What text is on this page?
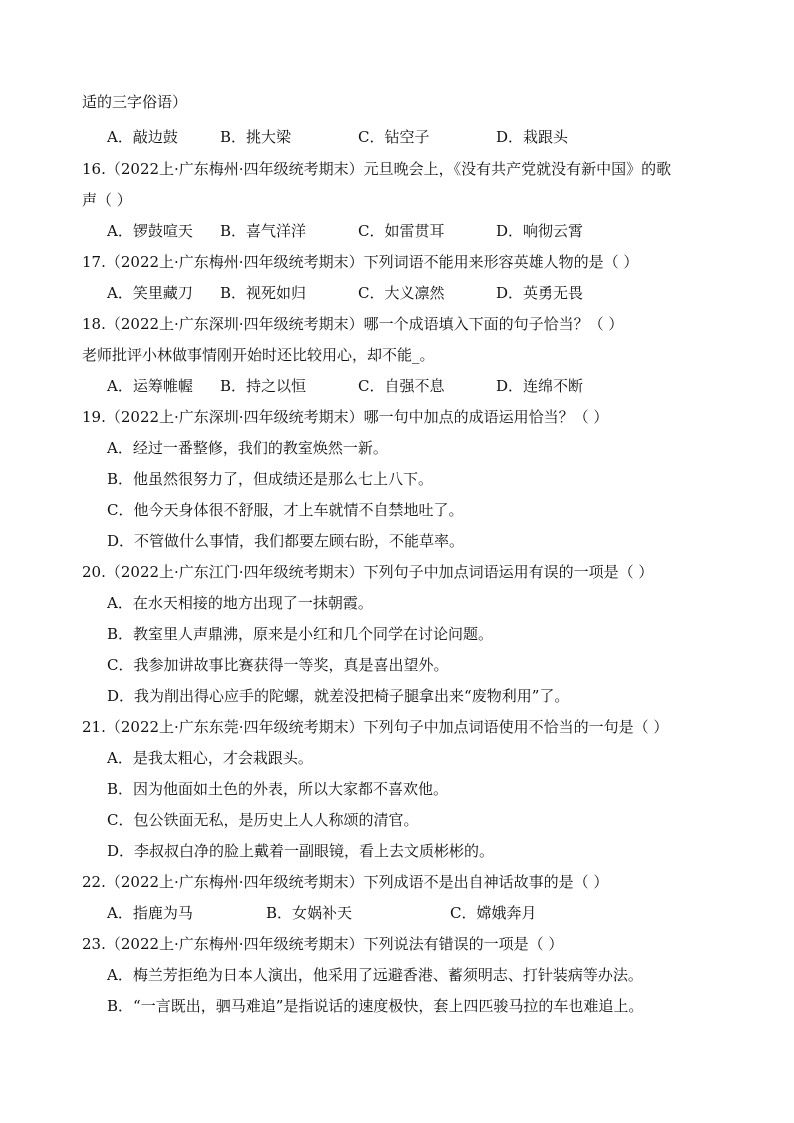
适的三字俗语）
A．敲边鼓	B．挑大梁	C．钻空子	D．栽跟头
16.（2022上·广东梅州·四年级统考期末）元旦晚会上，《没有共产党就没有新中国》的歌
声（ ）
A．锣鼓喧天 B．喜气洋洋	C．如雷贯耳	D．响彻云霄
17.（2022上·广东梅州·四年级统考期末）下列词语不能用来形容英雄人物的是（ ）
A．笑里藏刀 B．视死如归	C．大义凛然	D．英勇无畏
18.（2022上·广东深圳·四年级统考期末）哪一个成语填入下面的句子恰当？（ ）
老师批评小林做事情刚开始时还比较用心，却不能_。
A．运筹帷幄 B．持之以恒	C．自强不息	D．连绵不断
19.（2022上·广东深圳·四年级统考期末）哪一句中加点的成语运用恰当？（ ）
A．经过一番整修，我们的教室焕然一新。
B．他虽然很努力了，但成绩还是那么七上八下。
C．他今天身体很不舒服，才上车就情不自禁地吐了。
D．不管做什么事情，我们都要左顾右盼，不能草率。
20.（2022上·广东江门·四年级统考期末）下列句子中加点词语运用有误的一项是（ ）
A．在水天相接的地方出现了一抹朝霞。
B．教室里人声鼎沸，原来是小红和几个同学在讨论问题。
C．我参加讲故事比赛获得一等奖，真是喜出望外。
D．我为削出得心应手的陀螺，就差没把椅子腿拿出来“废物利用”了。
21.（2022上·广东东莞·四年级统考期末）下列句子中加点词语使用不恰当的一句是（ ）
A．是我太粗心，才会栽跟头。
B．因为他面如土色的外表，所以大家都不喜欢他。
C．包公铁面无私，是历史上人人称颂的清官。
D．李叔叔白净的脸上戴着一副眼镜，看上去文质彬彬的。
22.（2022上·广东梅州·四年级统考期末）下列成语不是出自神话故事的是（ ）
A．指鹿为马	B．女娲补天	C．嫦娥奔月
23.（2022上·广东梅州·四年级统考期末）下列说法有错误的一项是（ ）
A．梅兰芳拒绝为日本人演出，他采用了远避香港、蓄须明志、打针装病等办法。
B．“一言既出，驷马难追”是指说话的速度极快，套上四匹骏马拉的车也难追上。
